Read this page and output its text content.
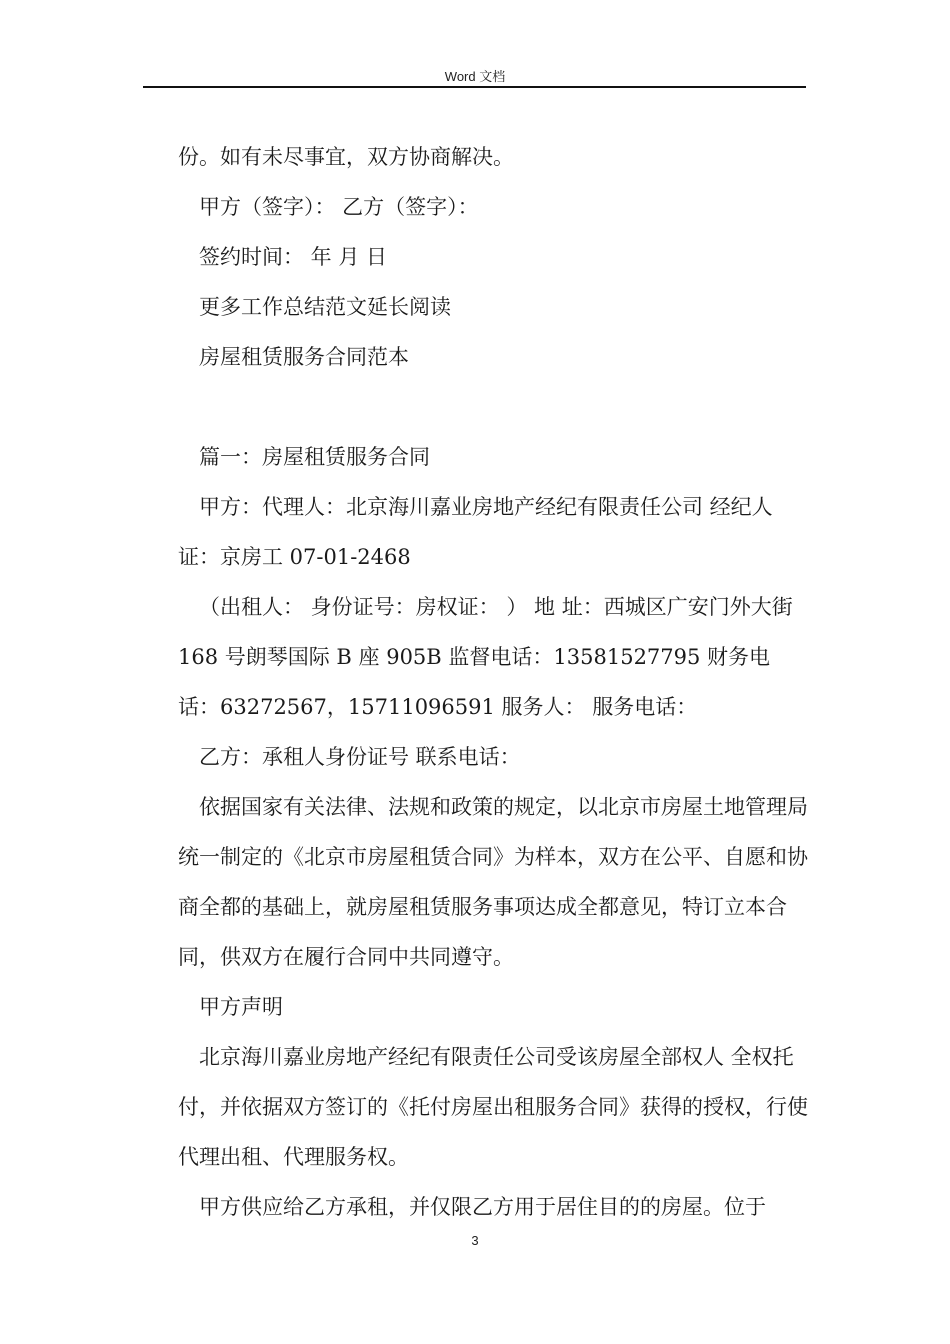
Word 文档

份。如有未尽事宜，双方协商解决。

甲方（签字）： 乙方（签字）：

签约时间： 年 月 日

更多工作总结范文延长阅读

房屋租赁服务合同范本

篇一：房屋租赁服务合同

甲方：代理人：北京海川嘉业房地产经纪有限责任公司 经纪人证：京房工 07-01-2468

（出租人： 身份证号：房权证： ） 地 址：西城区广安门外大街 168 号朗琴国际 B 座 905B 监督电话：13581527795 财务电话：63272567，15711096591 服务人： 服务电话：

乙方：承租人身份证号 联系电话：

依据国家有关法律、法规和政策的规定，以北京市房屋土地管理局统一制定的《北京市房屋租赁合同》为样本，双方在公平、自愿和协商全都的基础上，就房屋租赁服务事项达成全都意见，特订立本合同，供双方在履行合同中共同遵守。

甲方声明

北京海川嘉业房地产经纪有限责任公司受该房屋全部权人 全权托付，并依据双方签订的《托付房屋出租服务合同》获得的授权，行使代理出租、代理服务权。

甲方供应给乙方承租，并仅限乙方用于居住目的的房屋。位于

3
